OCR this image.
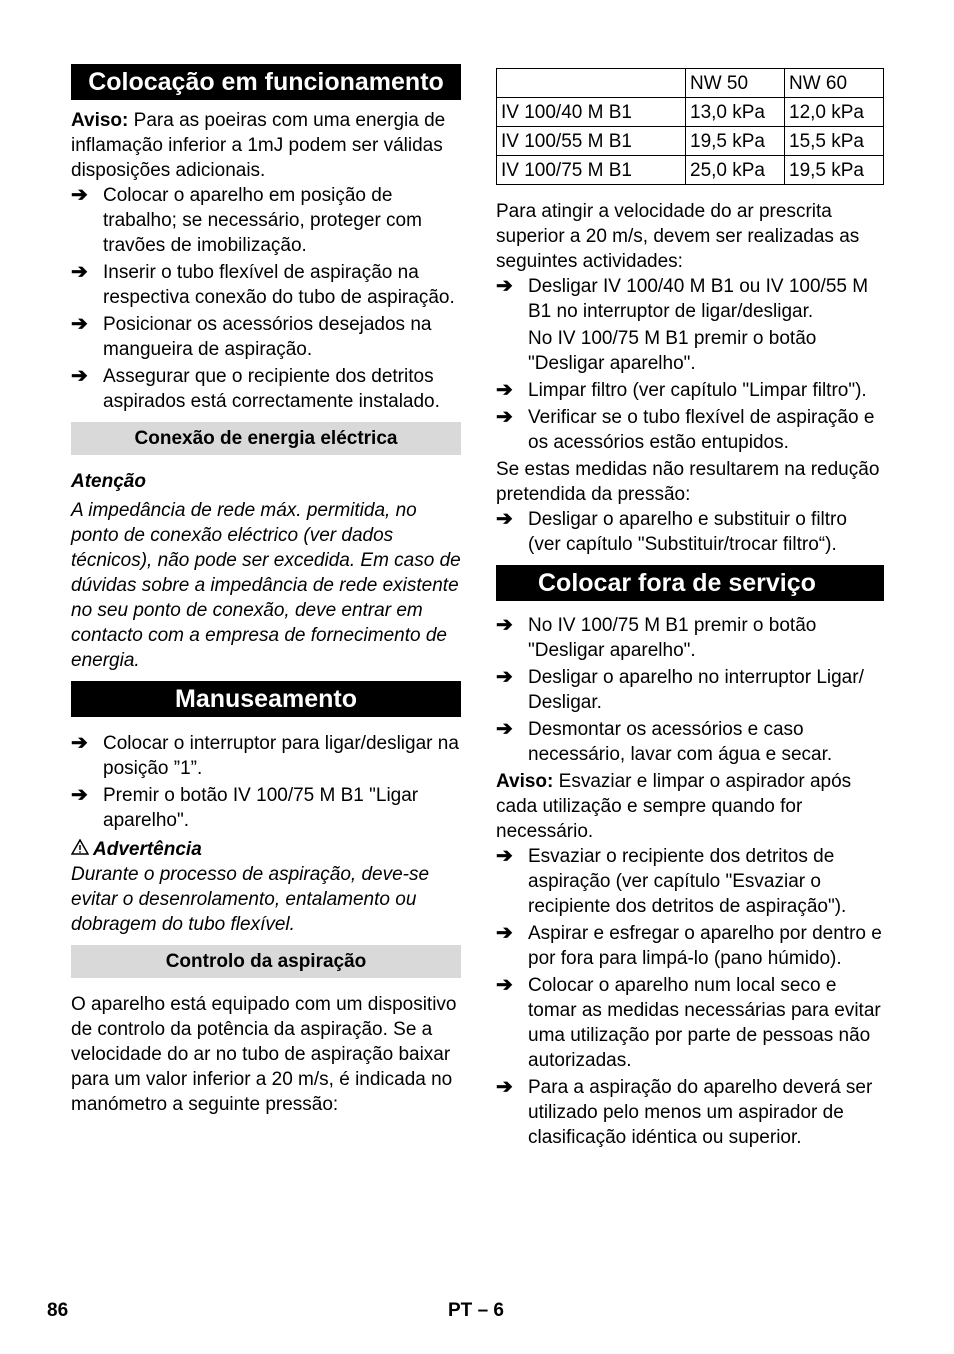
Colocação em funcionamento

Aviso: Para as poeiras com uma energia de inflamação inferior a 1mJ podem ser válidas disposições adicionais.

➔ Colocar o aparelho em posição de trabalho; se necessário, proteger com travões de imobilização.
➔ Inserir o tubo flexível de aspiração na respectiva conexão do tubo de aspiração.
➔ Posicionar os acessórios desejados na mangueira de aspiração.
➔ Assegurar que o recipiente dos detritos aspirados está correctamente instalado.
Conexão de energia eléctrica

Atenção

A impedância de rede máx. permitida, no ponto de conexão eléctrico (ver dados técnicos), não pode ser excedida. Em caso de dúvidas sobre a impedância de rede existente no seu ponto de conexão, deve entrar em contacto com a empresa de fornecimento de energia.

Manuseamento
➔ Colocar o interruptor para ligar/desligar na posição ”1”.
➔ Premir o botão IV 100/75 M B1 "Ligar aparelho".

Advertência

Durante o processo de aspiração, deve-se evitar o desenrolamento, entalamento ou dobragem do tubo flexível.

Controlo da aspiração

O aparelho está equipado com um dispositivo de controlo da potência da aspiração. Se a velocidade do ar no tubo de aspiração baixar para um valor inferior a 20 m/s, é indicada no manómetro a seguinte pressão:

	NW 50	NW 60
IV 100/40 M B1	13,0 kPa	12,0 kPa
IV 100/55 M B1	19,5 kPa	15,5 kPa
IV 100/75 M B1	25,0 kPa	19,5 kPa

Para atingir a velocidade do ar prescrita superior a 20 m/s, devem ser realizadas as seguintes actividades:

➔ Desligar IV 100/40 M B1 ou IV 100/55 M B1 no interruptor de ligar/desligar.

No IV 100/75 M B1 premir o botão "Desligar aparelho".

➔ Limpar filtro (ver capítulo "Limpar filtro").
➔ Verificar se o tubo flexível de aspiração e os acessórios estão entupidos.

Se estas medidas não resultarem na redução pretendida da pressão:

➔ Desligar o aparelho e substituir o filtro (ver capítulo "Substituir/trocar filtro“).
Colocar fora de serviço
➔ No IV 100/75 M B1 premir o botão "Desligar aparelho".
➔ Desligar o aparelho no interruptor Ligar/ Desligar.
➔ Desmontar os acessórios e caso necessário, lavar com água e secar.

Aviso: Esvaziar e limpar o aspirador após cada utilização e sempre quando for necessário.

➔ Esvaziar o recipiente dos detritos de aspiração (ver capítulo "Esvaziar o recipiente dos detritos de aspiração").
➔ Aspirar e esfregar o aparelho por dentro e por fora para limpá-lo (pano húmido).
➔ Colocar o aparelho num local seco e tomar as medidas necessárias para evitar uma utilização por parte de pessoas não autorizadas.
➔ Para a aspiração do aparelho deverá ser utilizado pelo menos um aspirador de clasificação idéntica ou superior.
86	PT – 6
